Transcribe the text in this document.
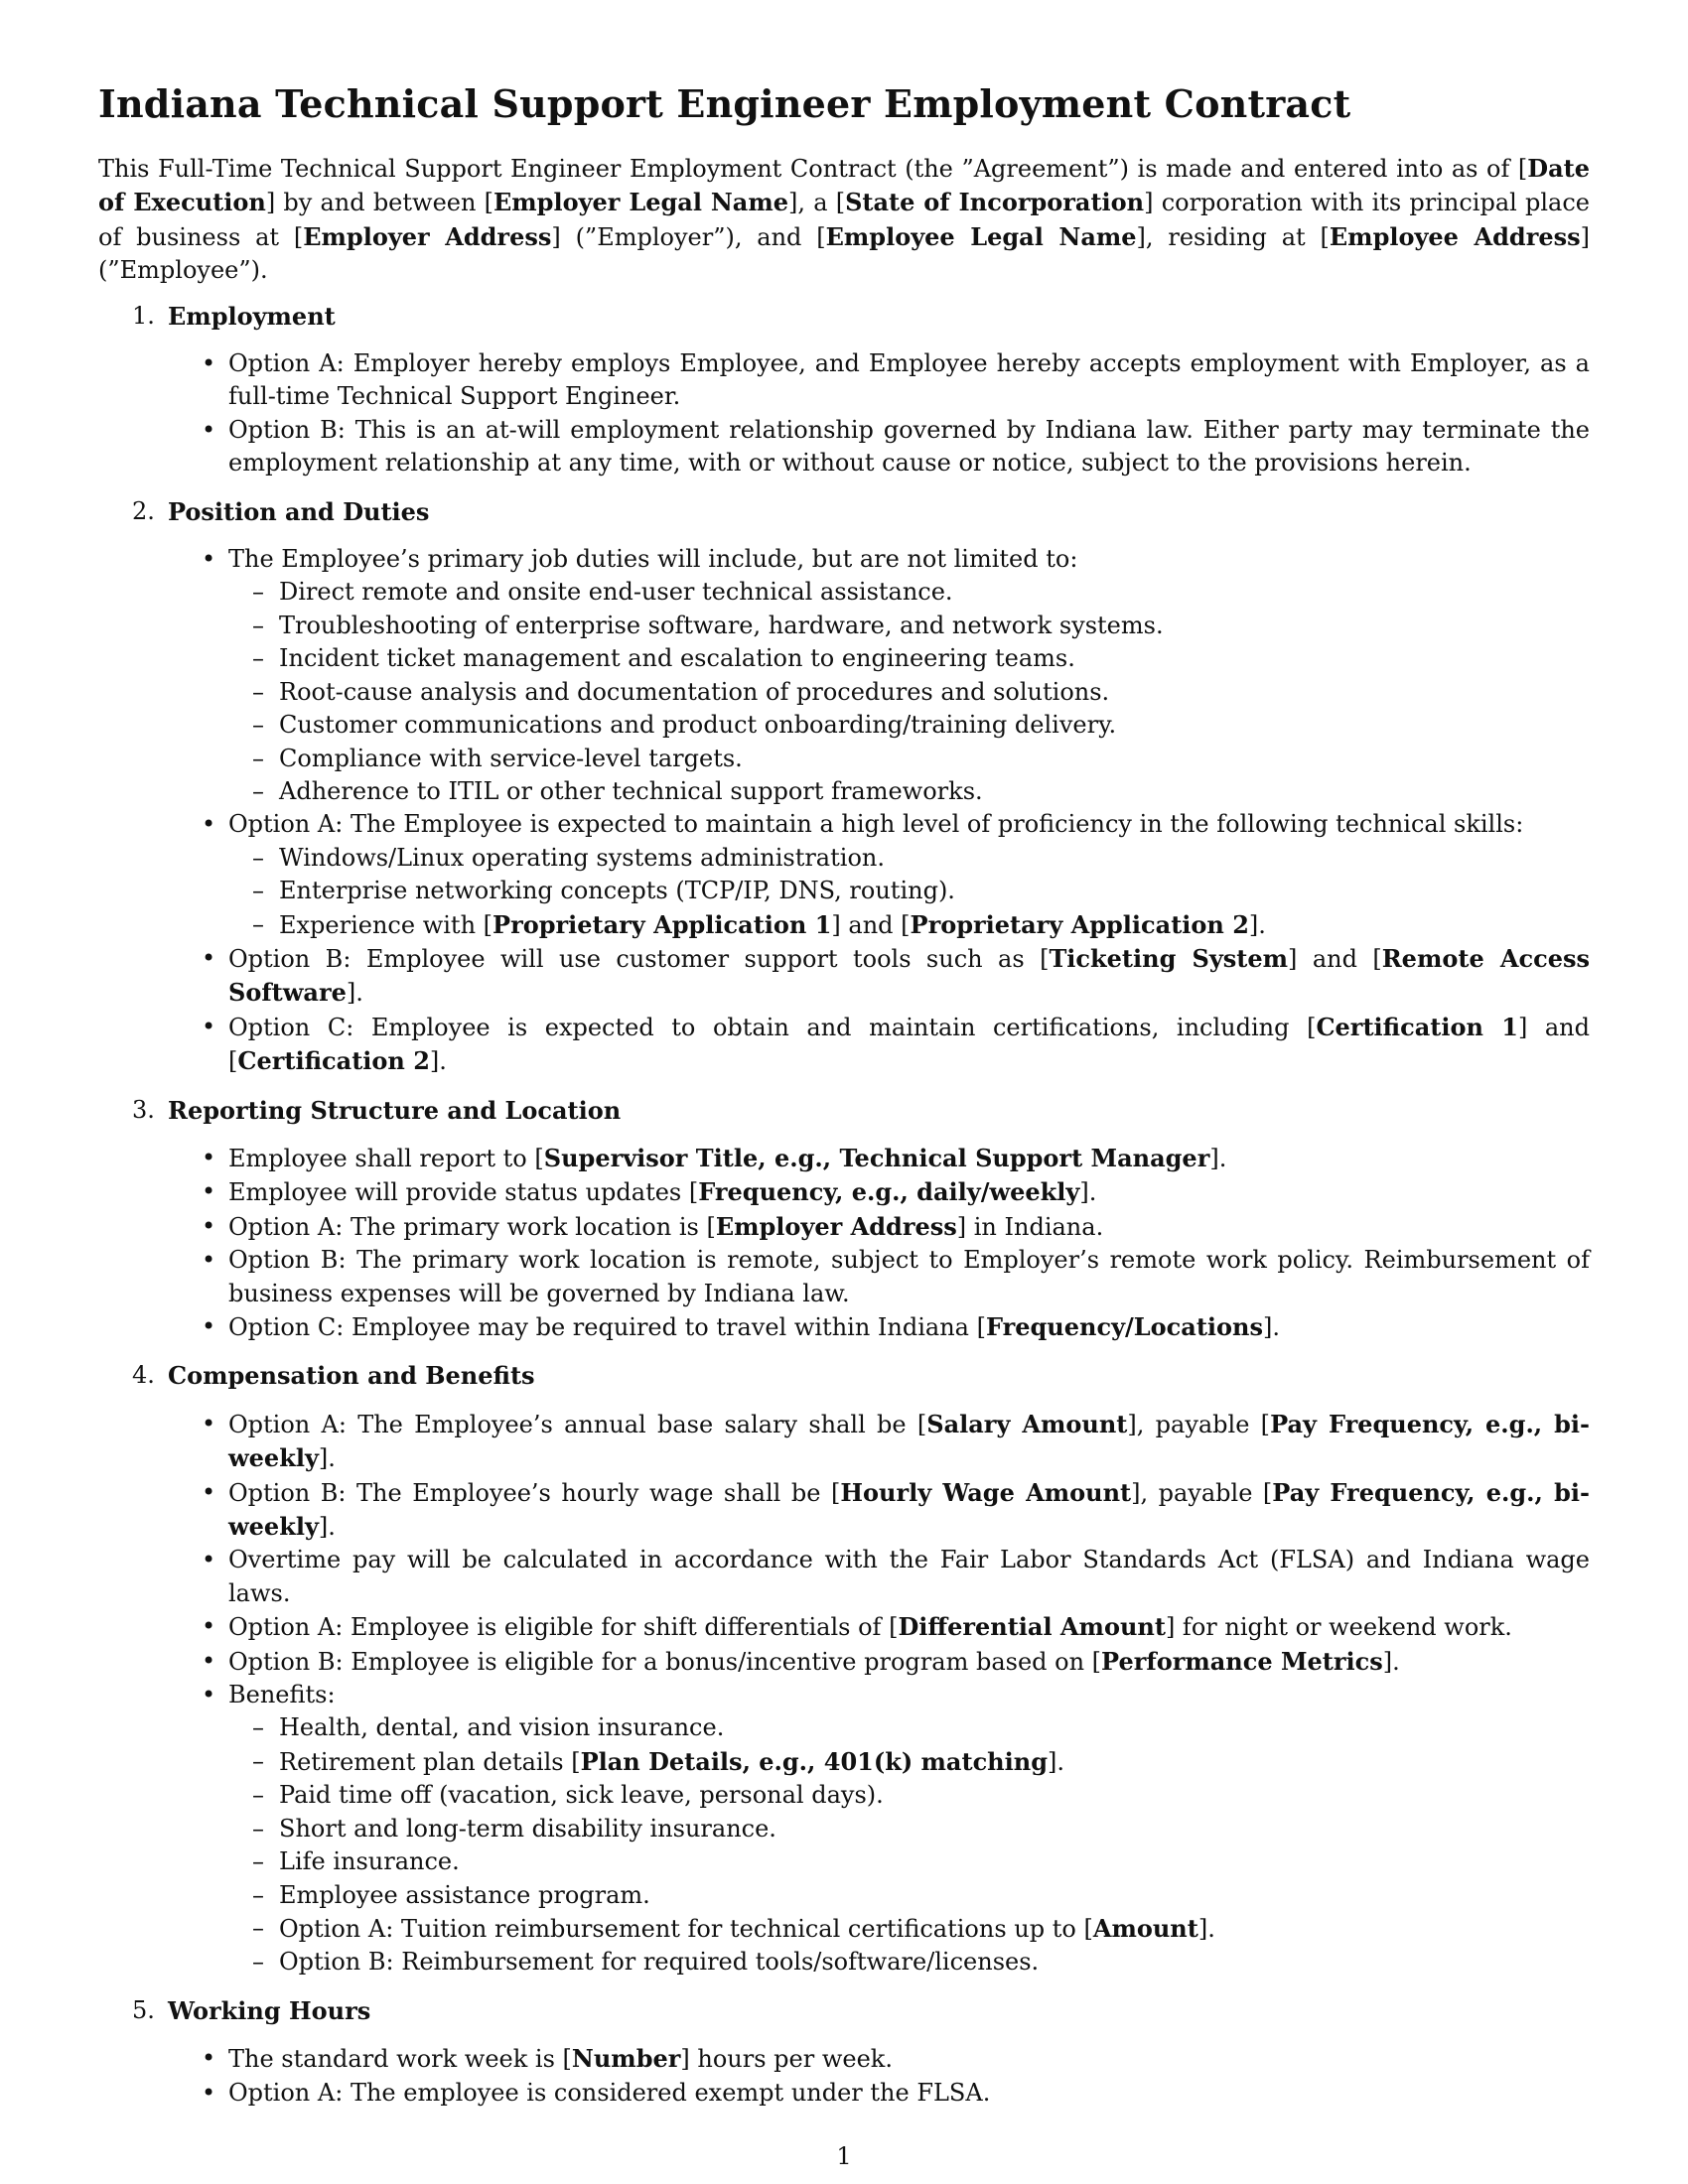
Indiana Technical Support Engineer Employment Contract

This Full-Time Technical Support Engineer Employment Contract (the ”Agreement”) is made and entered into as of [Date of Execution] by and between [Employer Legal Name], a [State of Incorporation] corporation with its principal place of business at [Employer Address] (”Employer”), and [Employee Legal Name], residing at [Employee Address] (”Employee”).

1. Employment
• Option A: Employer hereby employs Employee, and Employee hereby accepts employment with Employer, as a full-time Technical Support Engineer.
• Option B: This is an at-will employment relationship governed by Indiana law. Either party may terminate the employment relationship at any time, with or without cause or notice, subject to the provisions herein.
2. Position and Duties
• The Employee’s primary job duties will include, but are not limited to:
– Direct remote and onsite end-user technical assistance.
– Troubleshooting of enterprise software, hardware, and network systems.
– Incident ticket management and escalation to engineering teams.
– Root-cause analysis and documentation of procedures and solutions.
– Customer communications and product onboarding/training delivery.
– Compliance with service-level targets.
– Adherence to ITIL or other technical support frameworks.
• Option A: The Employee is expected to maintain a high level of proficiency in the following technical skills:
– Windows/Linux operating systems administration.
– Enterprise networking concepts (TCP/IP, DNS, routing).
– Experience with [Proprietary Application 1] and [Proprietary Application 2].
• Option B: Employee will use customer support tools such as [Ticketing System] and [Remote Access Software].
• Option C: Employee is expected to obtain and maintain certifications, including [Certification 1] and [Certification 2].
3. Reporting Structure and Location
• Employee shall report to [Supervisor Title, e.g., Technical Support Manager].
• Employee will provide status updates [Frequency, e.g., daily/weekly].
• Option A: The primary work location is [Employer Address] in Indiana.
• Option B: The primary work location is remote, subject to Employer’s remote work policy. Reimbursement of business expenses will be governed by Indiana law.
• Option C: Employee may be required to travel within Indiana [Frequency/Locations].
4. Compensation and Benefits
• Option A: The Employee’s annual base salary shall be [Salary Amount], payable [Pay Frequency, e.g., bi-weekly].
• Option B: The Employee’s hourly wage shall be [Hourly Wage Amount], payable [Pay Frequency, e.g., bi-weekly].
• Overtime pay will be calculated in accordance with the Fair Labor Standards Act (FLSA) and Indiana wage laws.
• Option A: Employee is eligible for shift differentials of [Differential Amount] for night or weekend work.
• Option B: Employee is eligible for a bonus/incentive program based on [Performance Metrics].
• Benefits:
– Health, dental, and vision insurance.
– Retirement plan details [Plan Details, e.g., 401(k) matching].
– Paid time off (vacation, sick leave, personal days).
– Short and long-term disability insurance.
– Life insurance.
– Employee assistance program.
– Option A: Tuition reimbursement for technical certifications up to [Amount].
– Option B: Reimbursement for required tools/software/licenses.
5. Working Hours
• The standard work week is [Number] hours per week.
• Option A: The employee is considered exempt under the FLSA.
1
